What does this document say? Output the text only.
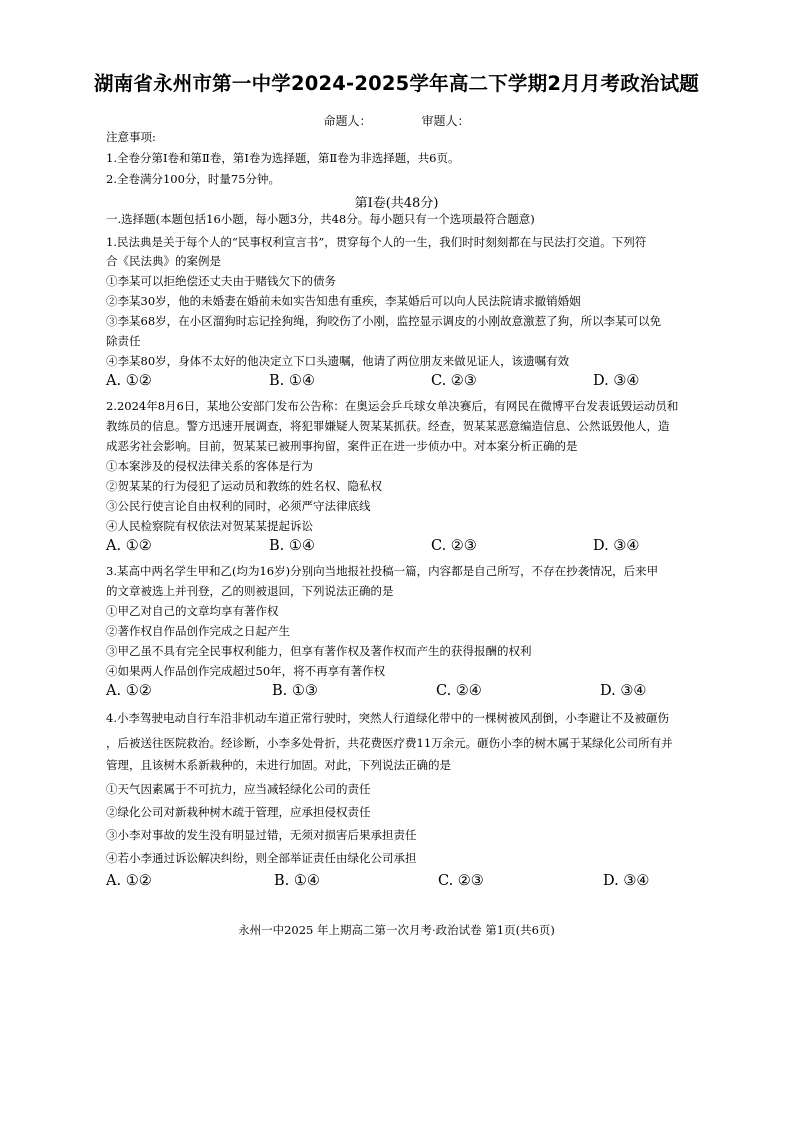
湖南省永州市第一中学2024-2025学年高二下学期2月月考政治试题
命题人：	审题人：
注意事项:
1.全卷分第Ⅰ卷和第Ⅱ卷，第Ⅰ卷为选择题，第Ⅱ卷为非选择题，共6页。
2.全卷满分100分，时量75分钟。
第Ⅰ卷(共48分)
一.选择题(本题包括16小题，每小题3分，共48分。每小题只有一个选项最符合题意)
1.民法典是关于每个人的“民事权利宣言书”，贯穿每个人的一生，我们时时刻刻都在与民法打交道。下列符
合《民法典》的案例是
①李某可以拒绝偿还丈夫由于赌钱欠下的债务
②李某30岁，他的未婚妻在婚前未如实告知患有重疾，李某婚后可以向人民法院请求撤销婚姻
③李某68岁，在小区溜狗时忘记拴狗绳，狗咬伤了小刚，监控显示调皮的小刚故意激惹了狗，所以李某可以免
除责任
④李某80岁，身体不太好的他决定立下口头遗嘱，他请了两位朋友来做见证人，该遗嘱有效
A. ①②	B. ①④	C. ②③	D. ③④
2.2024年8月6日，某地公安部门发布公告称：在奥运会乒乓球女单决赛后，有网民在微博平台发表诋毁运动员和
教练员的信息。警方迅速开展调查，将犯罪嫌疑人贺某某抓获。经查，贺某某恶意编造信息、公然诋毁他人，造
成恶劣社会影响。目前，贺某某已被刑事拘留，案件正在进一步侦办中。对本案分析正确的是
①本案涉及的侵权法律关系的客体是行为
②贺某某的行为侵犯了运动员和教练的姓名权、隐私权
③公民行使言论自由权利的同时，必须严守法律底线
④人民检察院有权依法对贺某某提起诉讼
A. ①②	B. ①④	C. ②③	D. ③④
3.某高中两名学生甲和乙(均为16岁)分别向当地报社投稿一篇，内容都是自己所写，不存在抄袭情况，后来甲
的文章被选上并刊登，乙的则被退回，下列说法正确的是
①甲乙对自己的文章均享有著作权
②著作权自作品创作完成之日起产生
③甲乙虽不具有完全民事权利能力，但享有著作权及著作权而产生的获得报酬的权利
④如果两人作品创作完成超过50年，将不再享有著作权
A. ①②	B. ①③	C. ②④	D. ③④
4.小李驾驶电动自行车沿非机动车道正常行驶时，突然人行道绿化带中的一棵树被风刮倒，小李避让不及被砸伤
，后被送往医院救治。经诊断，小李多处骨折，共花费医疗费11万余元。砸伤小李的树木属于某绿化公司所有并
管理，且该树木系新栽种的，未进行加固。对此，下列说法正确的是
①天气因素属于不可抗力，应当减轻绿化公司的责任
②绿化公司对新栽种树木疏于管理，应承担侵权责任
③小李对事故的发生没有明显过错，无须对损害后果承担责任
④若小李通过诉讼解决纠纷，则全部举证责任由绿化公司承担
A. ①②	B. ①④	C. ②③	D. ③④
永州一中2025 年上期高二第一次月考·政治试卷 第1页(共6页)
